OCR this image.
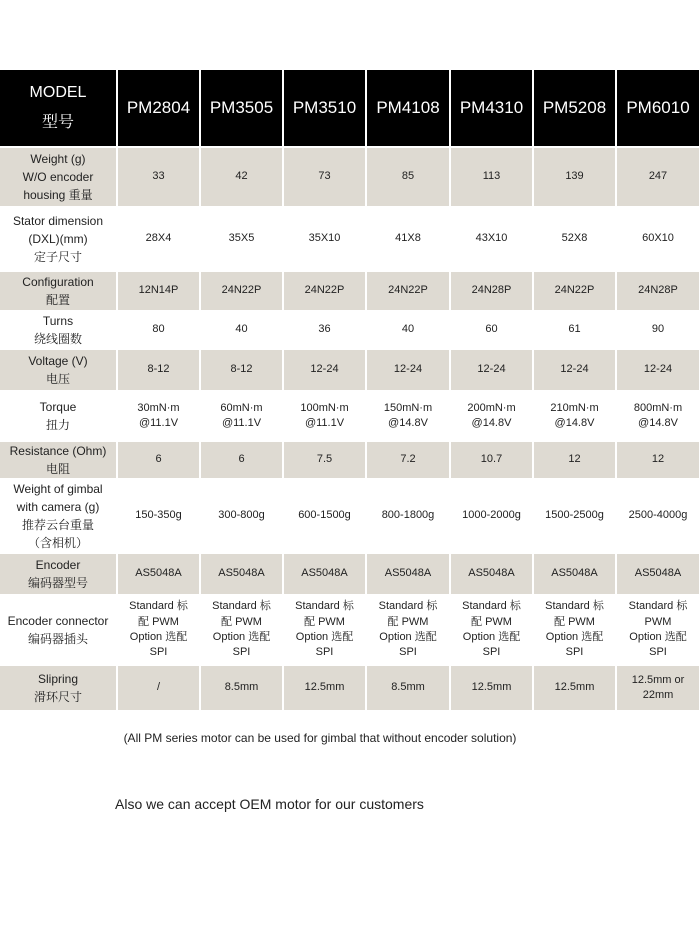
MODEL
型号	PM2804	PM3505	PM3510	PM4108	PM4310	PM5208	PM6010

Weight (g)
W/O encoder
housing 重量	33	42	73	85	113	139	247

Stator dimension
(DXL)(mm)
定子尺寸	28X4	35X5	35X10	41X8	43X10	52X8	60X10

Configuration
配置	12N14P	24N22P	24N22P	24N22P	24N28P	24N22P	24N28P

Turns
绕线圈数	80	40	36	40	60	61	90

Voltage (V)
电压	8-12	8-12	12-24	12-24	12-24	12-24	12-24

Torque
扭力	30mN·m
@11.1V	60mN·m
@11.1V	100mN·m
@11.1V	150mN·m
@14.8V	200mN·m
@14.8V	210mN·m
@14.8V	800mN·m
@14.8V

Resistance (Ohm)
电阻	6	6	7.5	7.2	10.7	12	12

Weight of gimbal
with camera (g)
推荐云台重量
（含相机）	150-350g	300-800g	600-1500g	800-1800g	1000-2000g	1500-2500g	2500-4000g

Encoder
编码器型号	AS5048A	AS5048A	AS5048A	AS5048A	AS5048A	AS5048A	AS5048A

Encoder connector
编码器插头	Standard 标
配 PWM
Option 选配
SPI	Standard 标
配 PWM
Option 选配
SPI	Standard 标
配 PWM
Option 选配
SPI	Standard 标
配 PWM
Option 选配
SPI	Standard 标
配 PWM
Option 选配
SPI	Standard 标
配 PWM
Option 选配
SPI	Standard 标
PWM
Option 选配
SPI

Slipring
滑环尺寸	/	8.5mm	12.5mm	8.5mm	12.5mm	12.5mm	12.5mm or
22mm
(All PM series motor can be used for gimbal that without encoder solution)
Also we can accept OEM motor for our customers
